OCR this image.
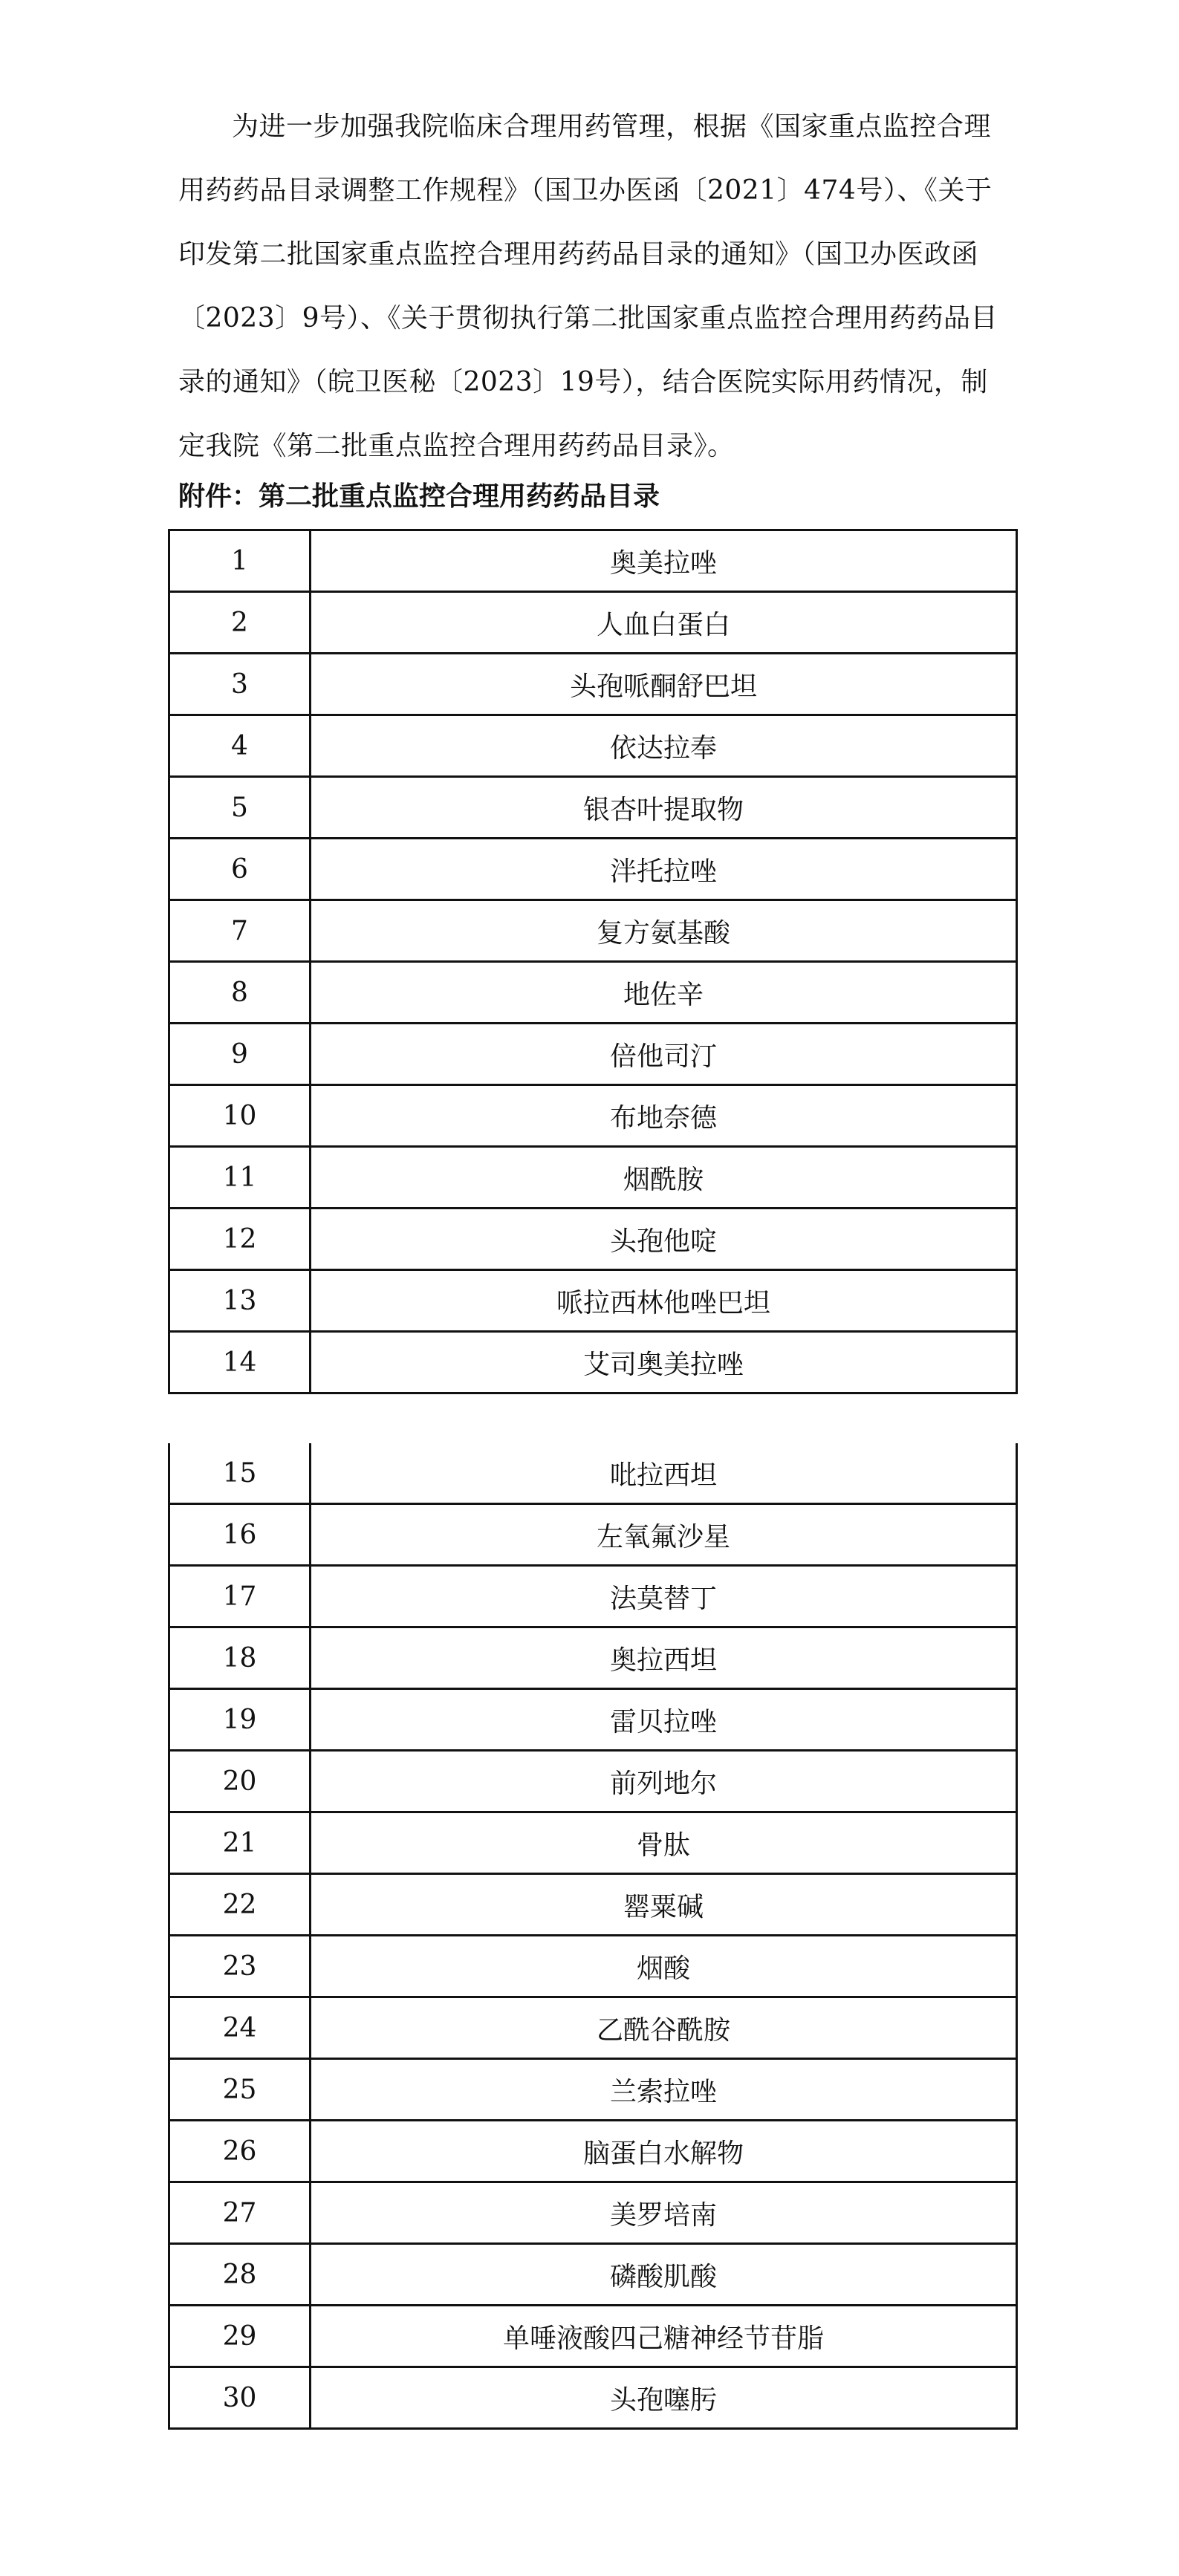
为进一步加强我院临床合理用药管理，根据《国家重点监控合理用药药品目录调整工作规程》（国卫办医函〔2021〕474号）、《关于印发第二批国家重点监控合理用药药品目录的通知》（国卫办医政函〔2023〕9号）、《关于贯彻执行第二批国家重点监控合理用药药品目录的通知》（皖卫医秘〔2023〕19号），结合医院实际用药情况，制定我院《第二批重点监控合理用药药品目录》。

附件：第二批重点监控合理用药药品目录

1	奥美拉唑
2	人血白蛋白
3	头孢哌酮舒巴坦
4	依达拉奉
5	银杏叶提取物
6	泮托拉唑
7	复方氨基酸
8	地佐辛
9	倍他司汀
10	布地奈德
11	烟酰胺
12	头孢他啶
13	哌拉西林他唑巴坦
14	艾司奥美拉唑
15	吡拉西坦
16	左氧氟沙星
17	法莫替丁
18	奥拉西坦
19	雷贝拉唑
20	前列地尔
21	骨肽
22	罂粟碱
23	烟酸
24	乙酰谷酰胺
25	兰索拉唑
26	脑蛋白水解物
27	美罗培南
28	磷酸肌酸
29	单唾液酸四己糖神经节苷脂
30	头孢噻肟
